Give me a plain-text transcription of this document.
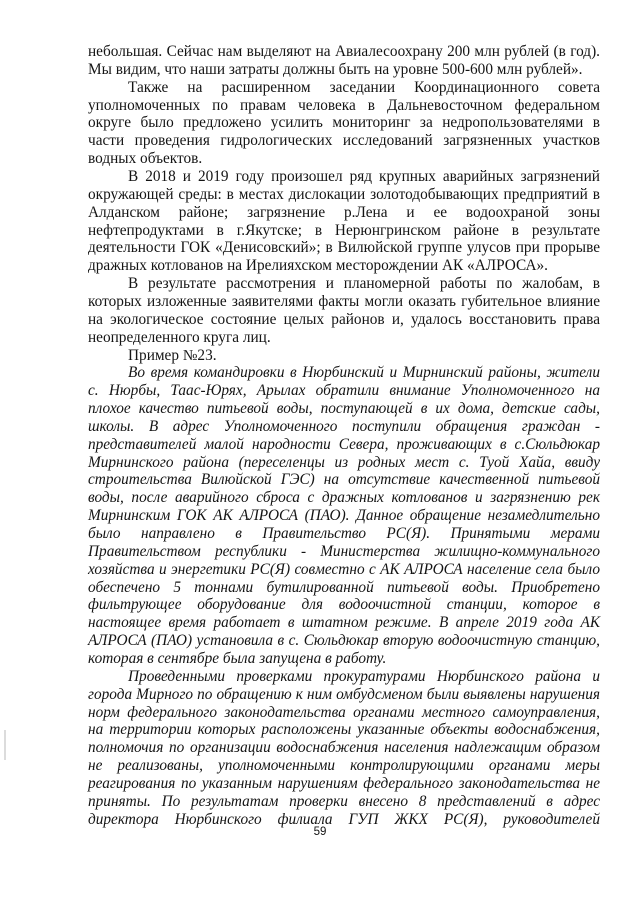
небольшая. Сейчас нам выделяют на Авиалесоохрану 200 млн рублей (в год).
Мы видим, что наши затраты должны быть на уровне 500-600 млн рублей».
Также на расширенном заседании Координационного совета
уполномоченных по правам человека в Дальневосточном федеральном
округе было предложено усилить мониторинг за недропользователями в
части проведения гидрологических исследований загрязненных участков
водных объектов.
В 2018 и 2019 году произошел ряд крупных аварийных загрязнений
окружающей среды: в местах дислокации золотодобывающих предприятий в
Алданском районе; загрязнение р.Лена и ее водоохраной зоны
нефтепродуктами в г.Якутске; в Нерюнгринском районе в результате
деятельности ГОК «Денисовский»; в Вилюйской группе улусов при прорыве
дражных котлованов на Ирелияхском месторождении АК «АЛРОСА».
В результате рассмотрения и планомерной работы по жалобам, в
которых изложенные заявителями факты могли оказать губительное влияние
на экологическое состояние целых районов и, удалось восстановить права
неопределенного круга лиц.
Пример №23.
Во время командировки в Нюрбинский и Мирнинский районы, жители
с. Нюрбы, Таас-Юрях, Арылах обратили внимание Уполномоченного на
плохое качество питьевой воды, поступающей в их дома, детские сады,
школы. В адрес Уполномоченного поступили обращения граждан -
представителей малой народности Севера, проживающих в с.Сюльдюкар
Мирнинского района (переселенцы из родных мест с. Туой Хайа, ввиду
строительства Вилюйской ГЭС) на отсутствие качественной питьевой
воды, после аварийного сброса с дражных котлованов и загрязнению рек
Мирнинским ГОК АК АЛРОСА (ПАО). Данное обращение незамедлительно
было направлено в Правительство РС(Я). Принятыми мерами
Правительством республики - Министерства жилищно-коммунального
хозяйства и энергетики РС(Я) совместно с АК АЛРОСА население села было
обеспечено 5 тоннами бутилированной питьевой воды. Приобретено
фильтрующее оборудование для водоочистной станции, которое в
настоящее время работает в штатном режиме. В апреле 2019 года АК
АЛРОСА (ПАО) установила в с. Сюльдюкар вторую водоочистную станцию,
которая в сентябре была запущена в работу.
Проведенными проверками прокуратурами Нюрбинского района и
города Мирного по обращению к ним омбудсменом были выявлены нарушения
норм федерального законодательства органами местного самоуправления,
на территории которых расположены указанные объекты водоснабжения,
полномочия по организации водоснабжения населения надлежащим образом
не реализованы, уполномоченными контролирующими органами меры
реагирования по указанным нарушениям федерального законодательства не
приняты. По результатам проверки внесено 8 представлений в адрес
директора Нюрбинского филиала ГУП ЖКХ РС(Я), руководителей
59
